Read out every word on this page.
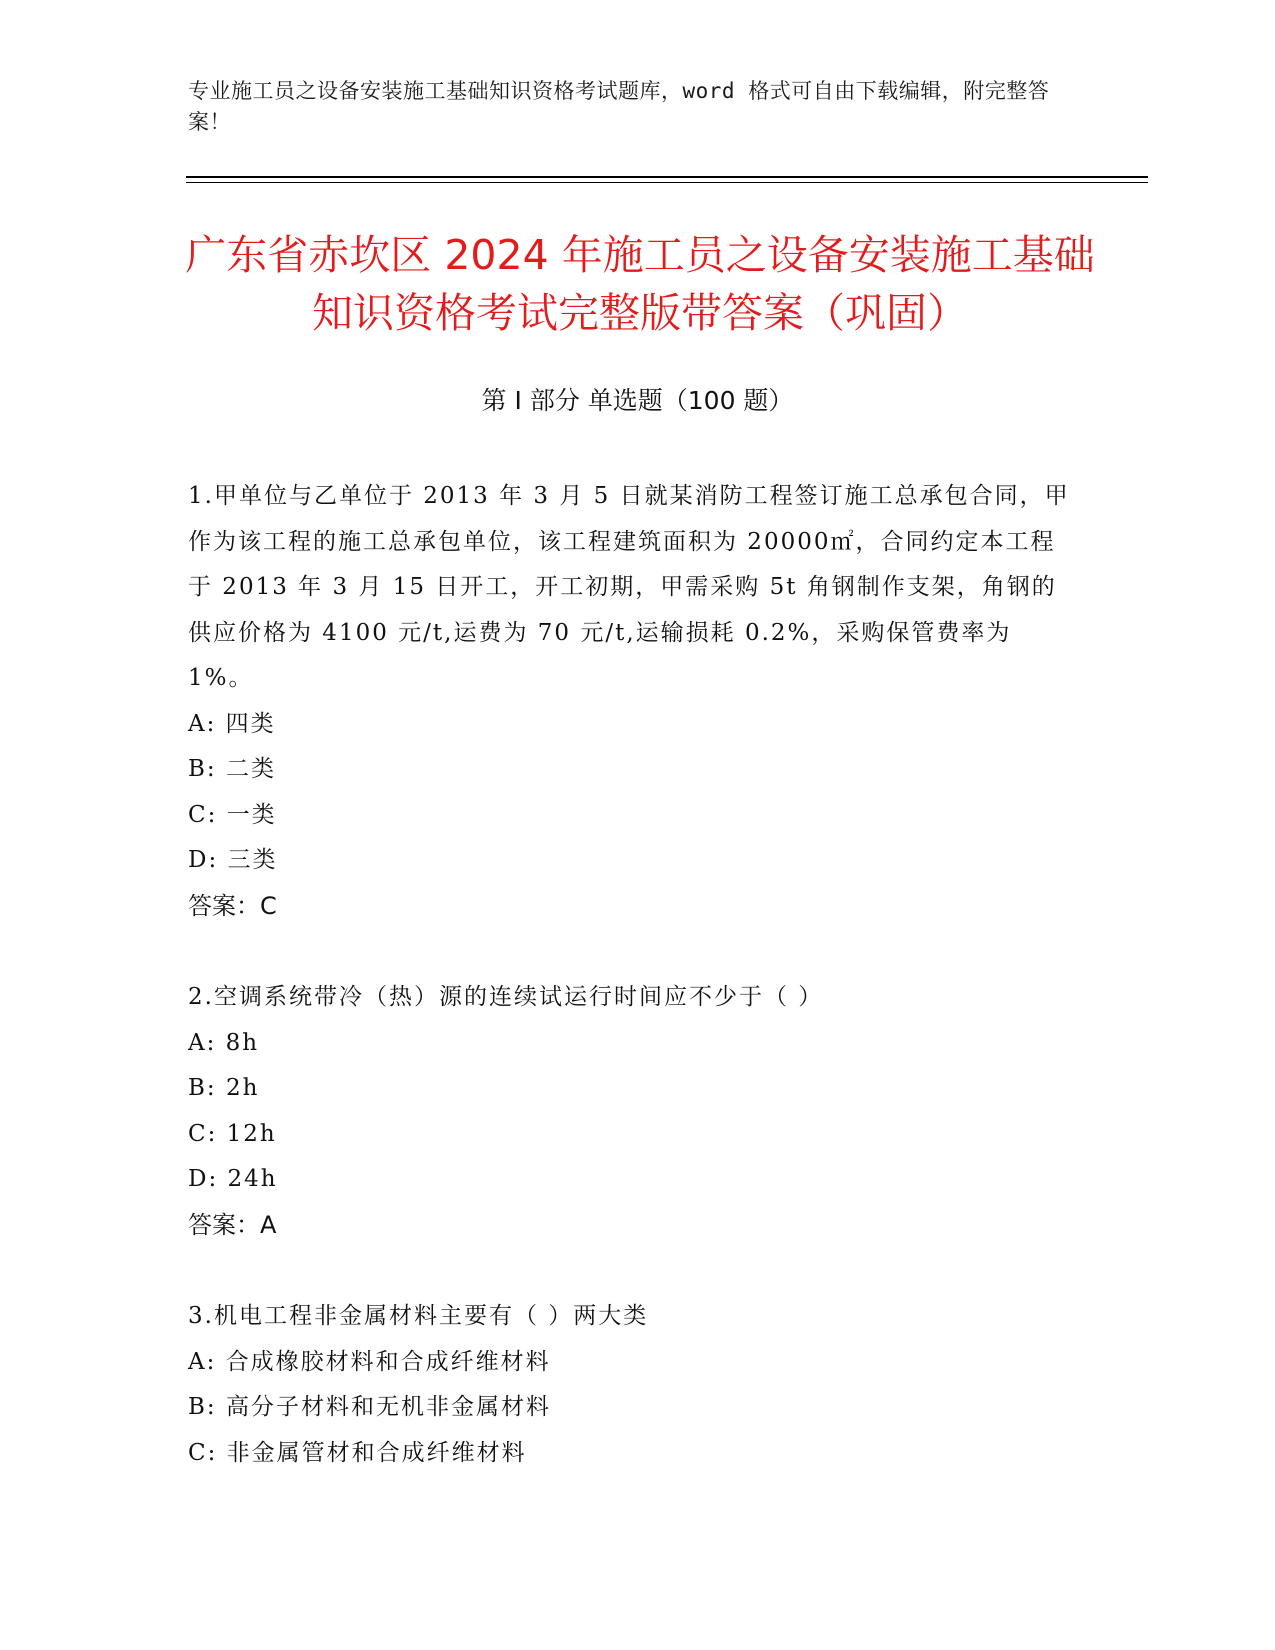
专业施工员之设备安装施工基础知识资格考试题库，word 格式可自由下载编辑，附完整答案！
广东省赤坎区 2024 年施工员之设备安装施工基础知识资格考试完整版带答案（巩固）
第 I 部分 单选题（100 题）

1.甲单位与乙单位于 2013 年 3 月 5 日就某消防工程签订施工总承包合同，甲作为该工程的施工总承包单位，该工程建筑面积为 20000㎡，合同约定本工程于 2013 年 3 月 15 日开工，开工初期，甲需采购 5t 角钢制作支架，角钢的供应价格为 4100 元/t,运费为 70 元/t,运输损耗 0.2%，采购保管费率为 1%。

A: 四类

B: 二类

C: 一类

D: 三类

答案：C

2.空调系统带冷（热）源的连续试运行时间应不少于（ ）

A: 8h

B: 2h

C: 12h

D: 24h

答案：A

3.机电工程非金属材料主要有（ ）两大类

A: 合成橡胶材料和合成纤维材料

B: 高分子材料和无机非金属材料

C: 非金属管材和合成纤维材料
